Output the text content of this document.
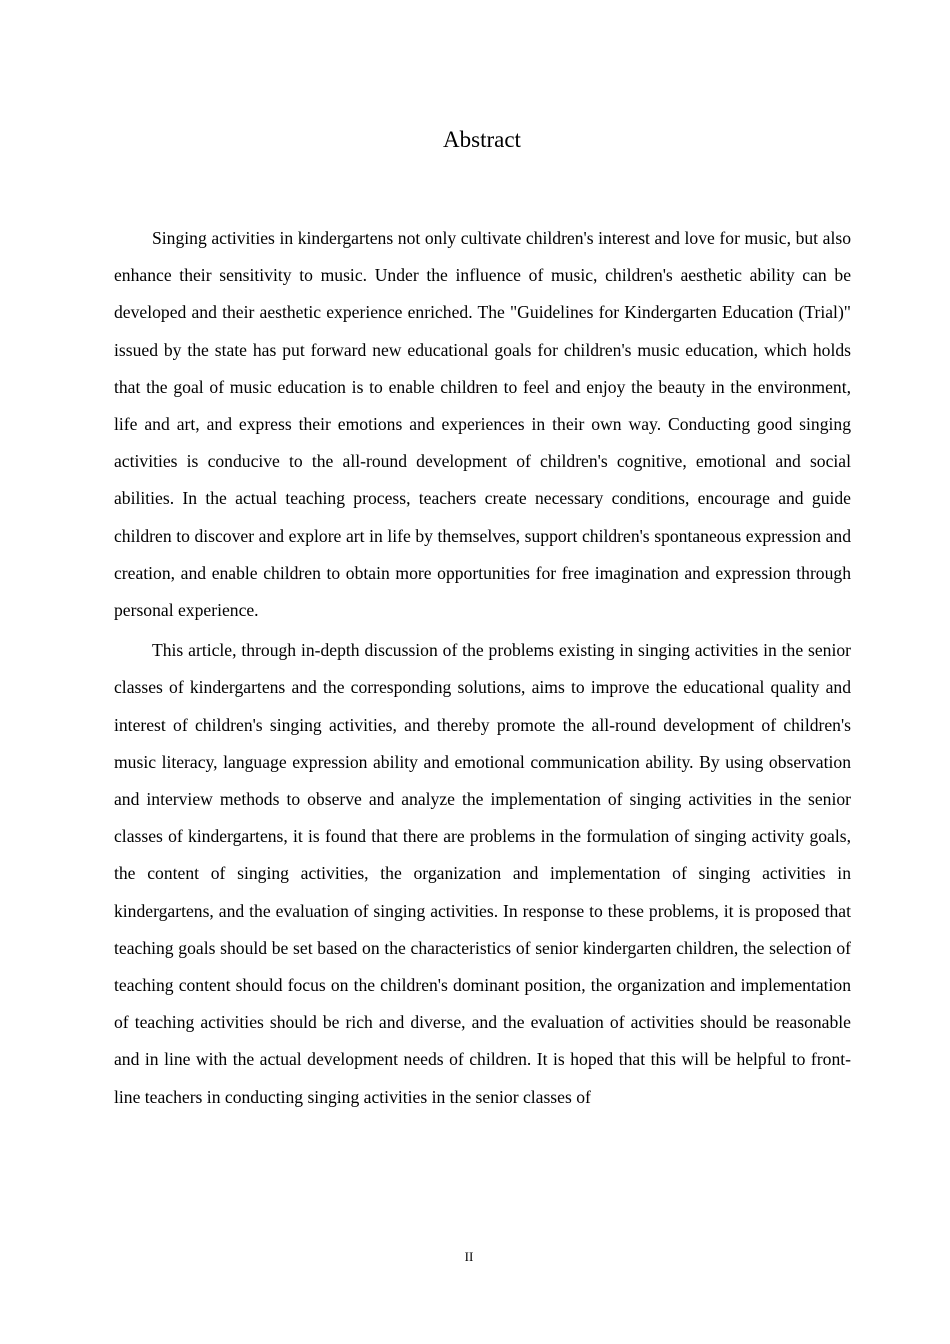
Abstract

Singing activities in kindergartens not only cultivate children's interest and love for music, but also enhance their sensitivity to music. Under the influence of music, children's aesthetic ability can be developed and their aesthetic experience enriched. The "Guidelines for Kindergarten Education (Trial)" issued by the state has put forward new educational goals for children's music education, which holds that the goal of music education is to enable children to feel and enjoy the beauty in the environment, life and art, and express their emotions and experiences in their own way. Conducting good singing activities is conducive to the all-round development of children's cognitive, emotional and social abilities. In the actual teaching process, teachers create necessary conditions, encourage and guide children to discover and explore art in life by themselves, support children's spontaneous expression and creation, and enable children to obtain more opportunities for free imagination and expression through personal experience.

This article, through in-depth discussion of the problems existing in singing activities in the senior classes of kindergartens and the corresponding solutions, aims to improve the educational quality and interest of children's singing activities, and thereby promote the all-round development of children's music literacy, language expression ability and emotional communication ability. By using observation and interview methods to observe and analyze the implementation of singing activities in the senior classes of kindergartens, it is found that there are problems in the formulation of singing activity goals, the content of singing activities, the organization and implementation of singing activities in kindergartens, and the evaluation of singing activities. In response to these problems, it is proposed that teaching goals should be set based on the characteristics of senior kindergarten children, the selection of teaching content should focus on the children's dominant position, the organization and implementation of teaching activities should be rich and diverse, and the evaluation of activities should be reasonable and in line with the actual development needs of children. It is hoped that this will be helpful to front-line teachers in conducting singing activities in the senior classes of

II
